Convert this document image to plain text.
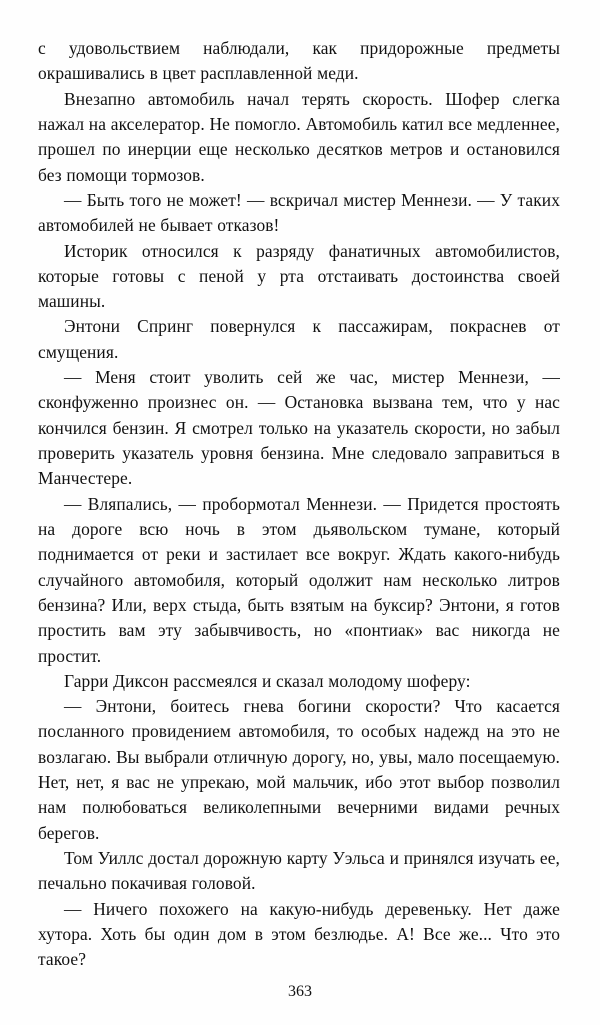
с удовольствием наблюдали, как придорожные предметы окрашивались в цвет расплавленной меди.

Внезапно автомобиль начал терять скорость. Шофер слегка нажал на акселератор. Не помогло. Автомобиль катил все медленнее, прошел по инерции еще несколько десятков метров и остановился без помощи тормозов.

— Быть того не может! — вскричал мистер Меннези. — У таких автомобилей не бывает отказов!

Историк относился к разряду фанатичных автомобилистов, которые готовы с пеной у рта отстаивать достоинства своей машины.

Энтони Спринг повернулся к пассажирам, покраснев от смущения.

— Меня стоит уволить сей же час, мистер Меннези, — сконфуженно произнес он. — Остановка вызвана тем, что у нас кончился бензин. Я смотрел только на указатель скорости, но забыл проверить указатель уровня бензина. Мне следовало заправиться в Манчестере.

— Вляпались, — пробормотал Меннези. — Придется простоять на дороге всю ночь в этом дьявольском тумане, который поднимается от реки и застилает все вокруг. Ждать какого-нибудь случайного автомобиля, который одолжит нам несколько литров бензина? Или, верх стыда, быть взятым на буксир? Энтони, я готов простить вам эту забывчивость, но «понтиак» вас никогда не простит.

Гарри Диксон рассмеялся и сказал молодому шоферу:

— Энтони, боитесь гнева богини скорости? Что касается посланного провидением автомобиля, то особых надежд на это не возлагаю. Вы выбрали отличную дорогу, но, увы, мало посещаемую. Нет, нет, я вас не упрекаю, мой мальчик, ибо этот выбор позволил нам полюбоваться великолепными вечерними видами речных берегов.

Том Уиллс достал дорожную карту Уэльса и принялся изучать ее, печально покачивая головой.

— Ничего похожего на какую-нибудь деревеньку. Нет даже хутора. Хоть бы один дом в этом безлюдье. А! Все же... Что это такое?

363
